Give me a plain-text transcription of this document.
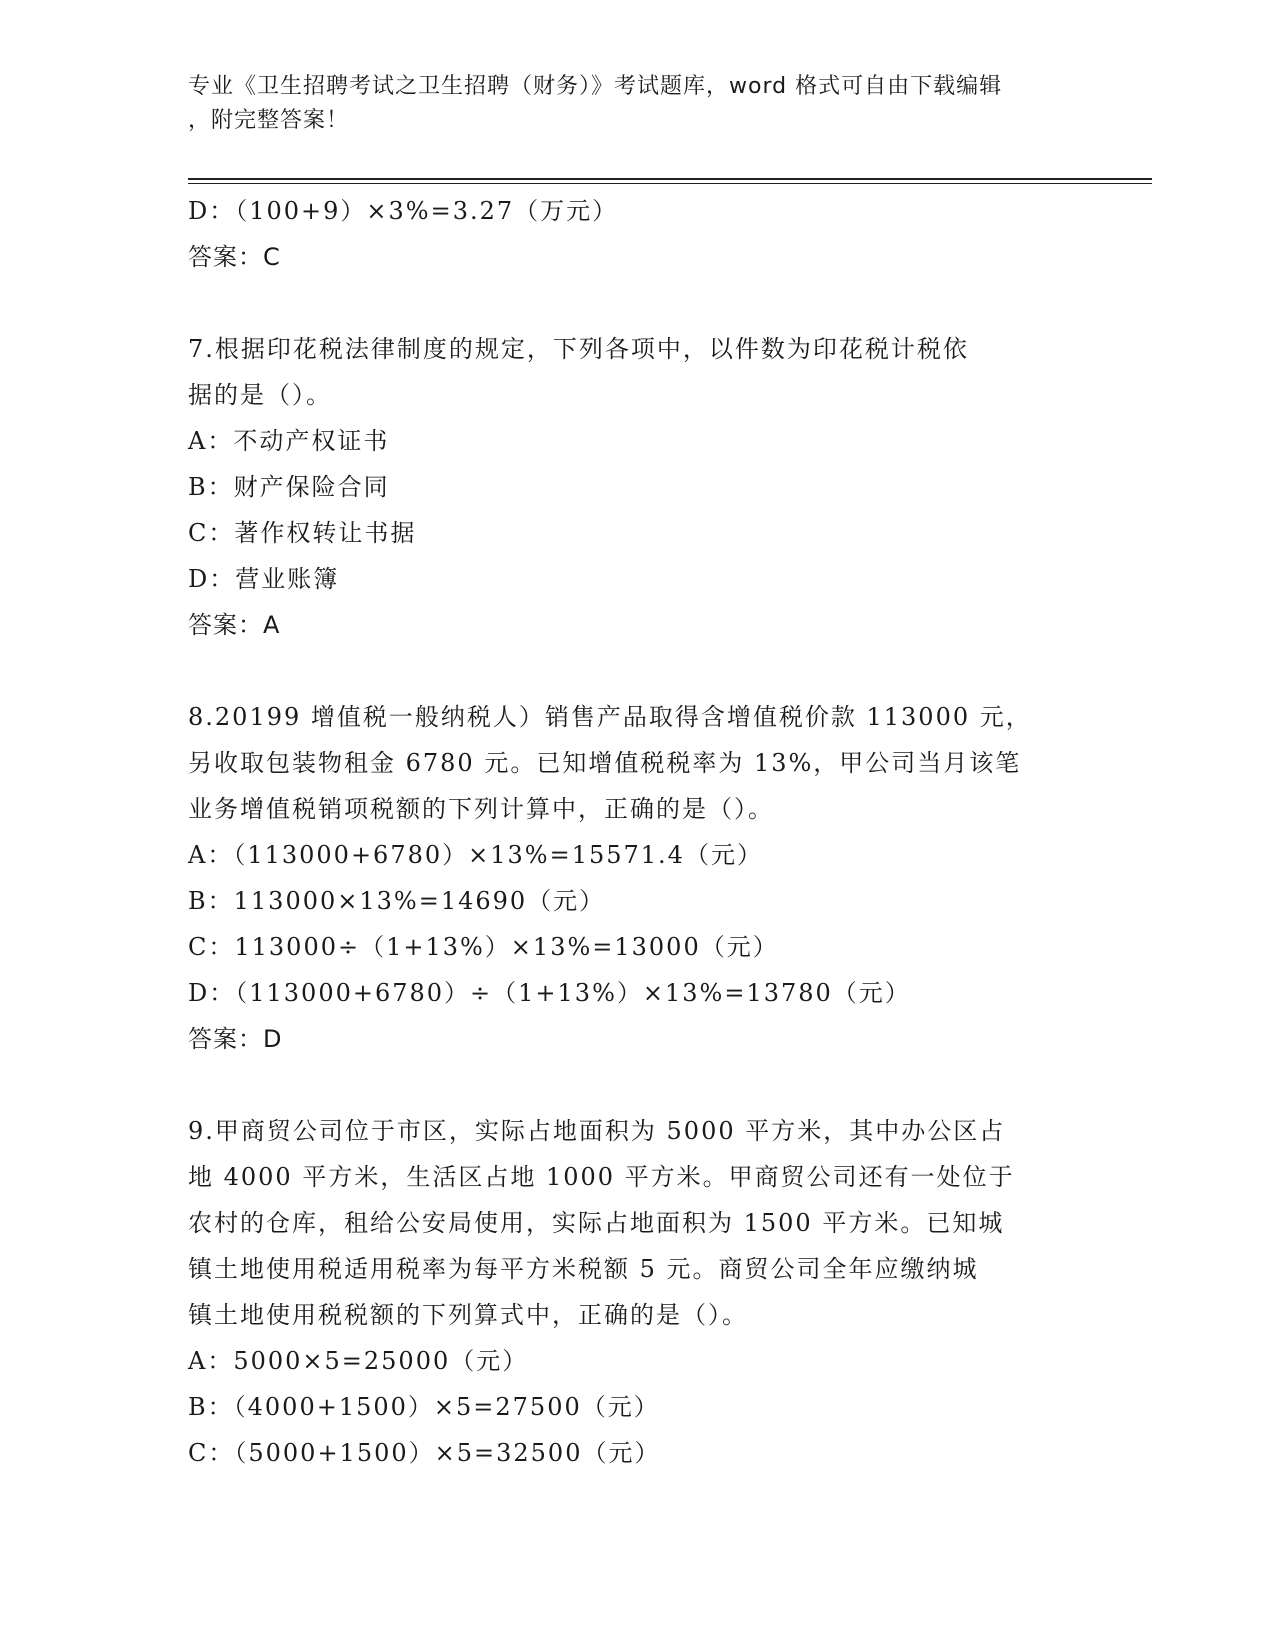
专业《卫生招聘考试之卫生招聘（财务）》考试题库，word 格式可自由下载编辑
，附完整答案！
D：（100+9）×3%=3.27（万元）
答案：C
7.根据印花税法律制度的规定，下列各项中，以件数为印花税计税依
据的是（）。
A：不动产权证书
B：财产保险合同
C：著作权转让书据
D：营业账簿
答案：A
8.20199 增值税一般纳税人）销售产品取得含增值税价款 113000 元，
另收取包装物租金 6780 元。已知增值税税率为 13%，甲公司当月该笔
业务增值税销项税额的下列计算中，正确的是（）。
A：（113000+6780）×13%=15571.4（元）
B：113000×13%=14690（元）
C：113000÷（1+13%）×13%=13000（元）
D：（113000+6780）÷（1+13%）×13%=13780（元）
答案：D
9.甲商贸公司位于市区，实际占地面积为 5000 平方米，其中办公区占
地 4000 平方米，生活区占地 1000 平方米。甲商贸公司还有一处位于
农村的仓库，租给公安局使用，实际占地面积为 1500 平方米。已知城
镇土地使用税适用税率为每平方米税额 5 元。商贸公司全年应缴纳城
镇土地使用税税额的下列算式中，正确的是（）。
A：5000×5=25000（元）
B：（4000+1500）×5=27500（元）
C：（5000+1500）×5=32500（元）
